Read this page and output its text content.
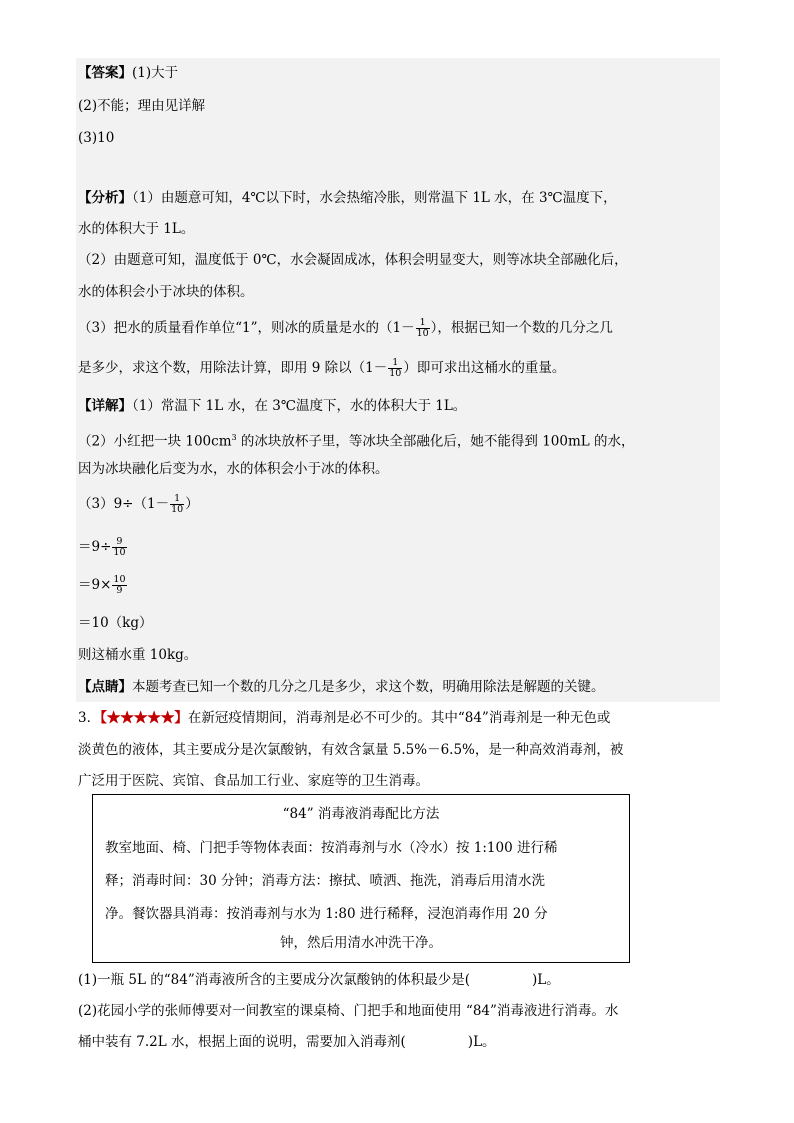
【答案】(1)大于
(2)不能；理由见详解
(3)10
【分析】（1）由题意可知，4℃以下时，水会热缩冷胀，则常温下 1L 水，在 3℃温度下，
水的体积大于 1L。
（2）由题意可知，温度低于 0℃，水会凝固成冰，体积会明显变大，则等冰块全部融化后，
水的体积会小于冰块的体积。
（3）把水的质量看作单位“1”，则冰的质量是水的（$1- \frac{1}{10}$ ），根据已知一个数的几分之几
是多少，求这个数，用除法计算，即用 9 除以（$1- \frac{1}{10}$ ）即可求出这桶水的重量。
【详解】（1）常温下 1L 水，在 3℃温度下，水的体积大于 1L。
（2）小红把一块 $100cm^3$ 的冰块放杯子里，等冰块全部融化后，她不能得到 100mL 的水，
因为冰块融化后变为水，水的体积会小于冰的体积。
$(3)9\div(1- \frac{1}{10}$ ）
$=9\div \frac{9}{10}$
$=9\times \frac{10}{9}$
＝10（kg）
则这桶水重 10kg。
【点睛】本题考查已知一个数的几分之几是多少，求这个数，明确用除法是解题的关键。
3．【★★★★★】在新冠疫情期间，消毒剂是必不可少的。其中“84”消毒剂是一种无色或
淡黄色的液体，其主要成分是次氯酸钠，有效含氯量 5.5%－6.5%，是一种高效消毒剂，被
广泛用于医院、宾馆、食品加工行业、家庭等的卫生消毒。
“84” 消毒液消毒配比方法
教室地面、椅、门把手等物体表面：按消毒剂与水（冷水）按 1:100 进行稀
释；消毒时间：30 分钟；消毒方法：擦拭、喷洒、拖洗，消毒后用清水洗
净。餐饮器具消毒：按消毒剂与水为 1:80 进行稀释，浸泡消毒作用 20 分
钟，然后用清水冲洗干净。
(1)一瓶 5L 的“84”消毒液所含的主要成分次氯酸钠的体积最少是(	)L。
(2)花园小学的张师傅要对一间教室的课桌椅、门把手和地面使用 “84”消毒液进行消毒。水
桶中装有 7.2L 水，根据上面的说明，需要加入消毒剂(	)L。
